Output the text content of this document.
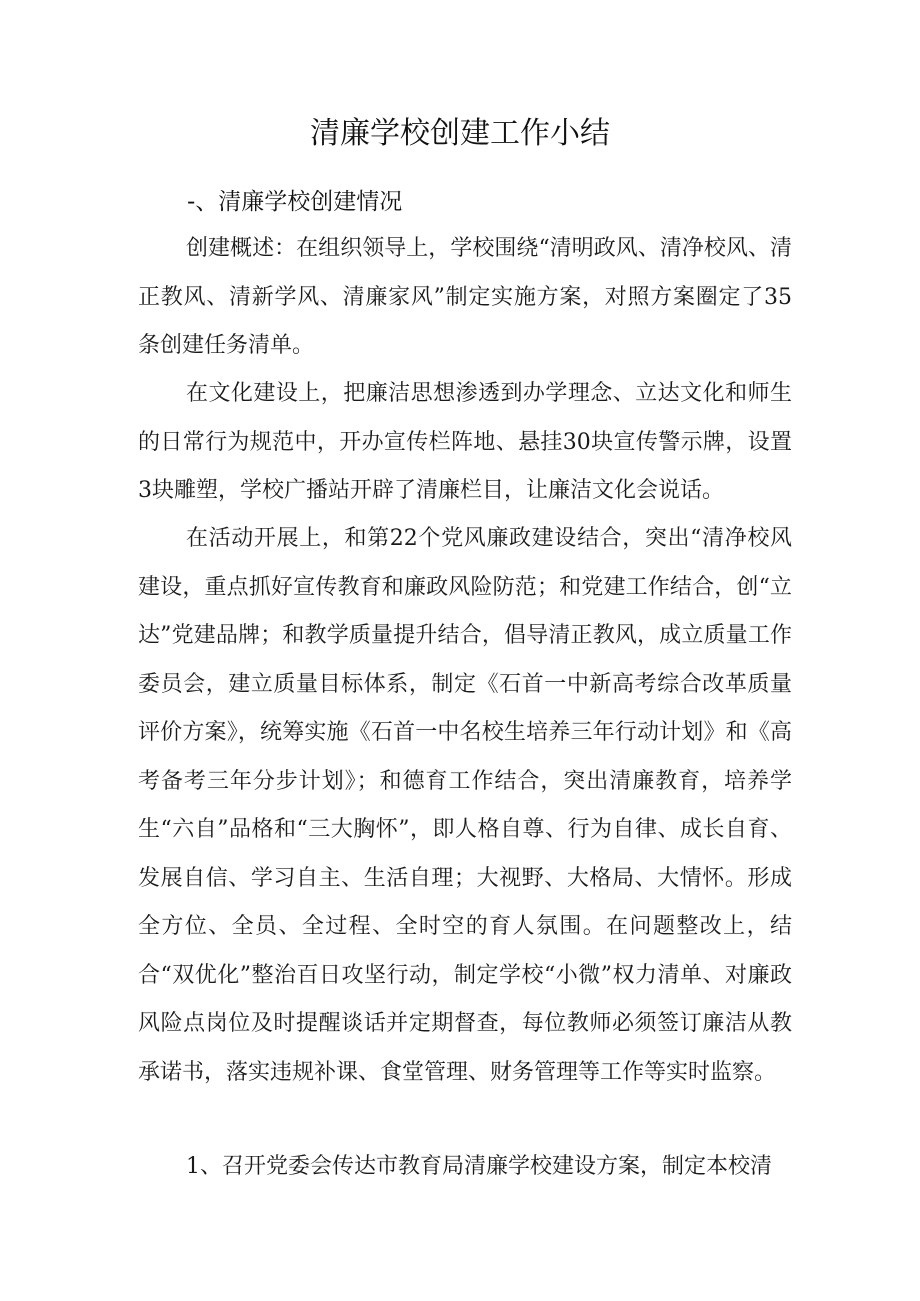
清廉学校创建工作小结
-、清廉学校创建情况

创建概述：在组织领导上，学校围绕“清明政风、清净校风、清正教风、清新学风、清廉家风”制定实施方案，对照方案圈定了35条创建任务清单。

在文化建设上，把廉洁思想渗透到办学理念、立达文化和师生的日常行为规范中，开办宣传栏阵地、悬挂30块宣传警示牌，设置3块雕塑，学校广播站开辟了清廉栏目，让廉洁文化会说话。

在活动开展上，和第22个党风廉政建设结合，突出“清净校风建设，重点抓好宣传教育和廉政风险防范；和党建工作结合，创“立达”党建品牌；和教学质量提升结合，倡导清正教风，成立质量工作委员会，建立质量目标体系，制定《石首一中新高考综合改革质量评价方案》，统筹实施《石首一中名校生培养三年行动计划》和《高考备考三年分步计划》；和德育工作结合，突出清廉教育，培养学生“六自”品格和“三大胸怀”，即人格自尊、行为自律、成长自育、发展自信、学习自主、生活自理；大视野、大格局、大情怀。形成全方位、全员、全过程、全时空的育人氛围。在问题整改上，结合“双优化”整治百日攻坚行动，制定学校“小微”权力清单、对廉政风险点岗位及时提醒谈话并定期督查，每位教师必须签订廉洁从教承诺书，落实违规补课、食堂管理、财务管理等工作等实时监察。

1、召开党委会传达市教育局清廉学校建设方案，制定本校清
